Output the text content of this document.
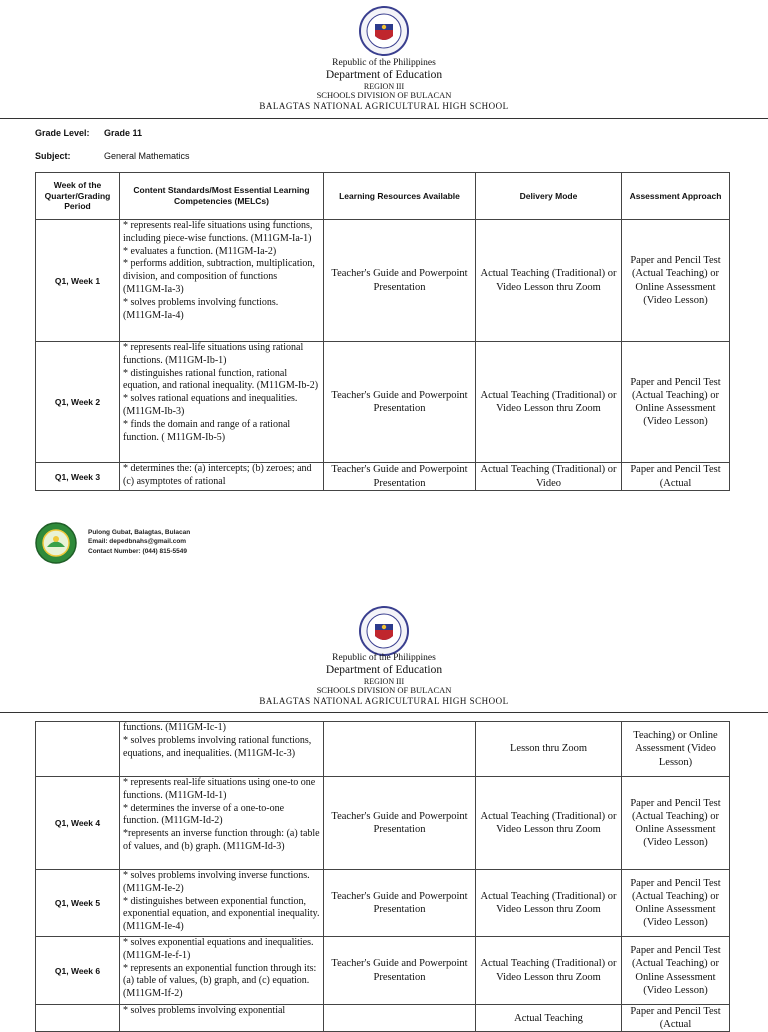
Republic of the Philippines
Department of Education
REGION III
SCHOOLS DIVISION OF BULACAN
BALAGTAS NATIONAL AGRICULTURAL HIGH SCHOOL
Grade Level: Grade 11
Subject:	General Mathematics
Week of the Quarter/Grading Period	Content Standards/Most Essential Learning Competencies (MELCs)	Learning Resources Available	Delivery Mode	Assessment Approach
Q1, Week 1	* represents real-life situations using functions, including piece-wise functions. (M11GM-Ia-1)
* evaluates a function. (M11GM-Ia-2)
* performs addition, subtraction, multiplication, division, and composition of functions (M11GM-Ia-3)
* solves problems involving functions. (M11GM-Ia-4)	Teacher's Guide and Powerpoint Presentation	Actual Teaching (Traditional) or Video Lesson thru Zoom	Paper and Pencil Test (Actual Teaching) or Online Assessment (Video Lesson)
Q1, Week 2	* represents real-life situations using rational functions. (M11GM-Ib-1)
* distinguishes rational function, rational equation, and rational inequality. (M11GM-Ib-2)
* solves rational equations and inequalities. (M11GM-Ib-3)
* finds the domain and range of a rational function. ( M11GM-Ib-5)	Teacher's Guide and Powerpoint Presentation	Actual Teaching (Traditional) or Video Lesson thru Zoom	Paper and Pencil Test (Actual Teaching) or Online Assessment (Video Lesson)
Q1, Week 3	* determines the: (a) intercepts; (b) zeroes; and (c) asymptotes of rational	Teacher's Guide and Powerpoint Presentation	Actual Teaching (Traditional) or Video	Paper and Pencil Test (Actual
Pulong Gubat, Balagtas, Bulacan
Email: depedbnahs@gmail.com
Contact Number: (044) 815-5549
Republic of the Philippines
Department of Education
REGION III
SCHOOLS DIVISION OF BULACAN
BALAGTAS NATIONAL AGRICULTURAL HIGH SCHOOL

	functions. (M11GM-Ic-1)
* solves problems involving rational functions, equations, and inequalities. (M11GM-Ic-3)		Lesson thru Zoom	Teaching) or Online Assessment (Video Lesson)
Q1, Week 4	* represents real-life situations using one-to one functions. (M11GM-Id-1)
* determines the inverse of a one-to-one function. (M11GM-Id-2)
*represents an inverse function through: (a) table of values, and (b) graph. (M11GM-Id-3)	Teacher's Guide and Powerpoint Presentation	Actual Teaching (Traditional) or Video Lesson thru Zoom	Paper and Pencil Test (Actual Teaching) or Online Assessment (Video Lesson)
Q1, Week 5	* solves problems involving inverse functions. (M11GM-Ie-2)
* distinguishes between exponential function, exponential equation, and exponential inequality. (M11GM-Ie-4)	Teacher's Guide and Powerpoint Presentation	Actual Teaching (Traditional) or Video Lesson thru Zoom	Paper and Pencil Test (Actual Teaching) or Online Assessment (Video Lesson)
Q1, Week 6	* solves exponential equations and inequalities. (M11GM-Ie-f-1)
* represents an exponential function through its: (a) table of values, (b) graph, and (c) equation. (M11GM-If-2)	Teacher's Guide and Powerpoint Presentation	Actual Teaching (Traditional) or Video Lesson thru Zoom	Paper and Pencil Test (Actual Teaching) or Online Assessment (Video Lesson)

	* solves problems involving exponential		Actual Teaching	Paper and Pencil Test (Actual
